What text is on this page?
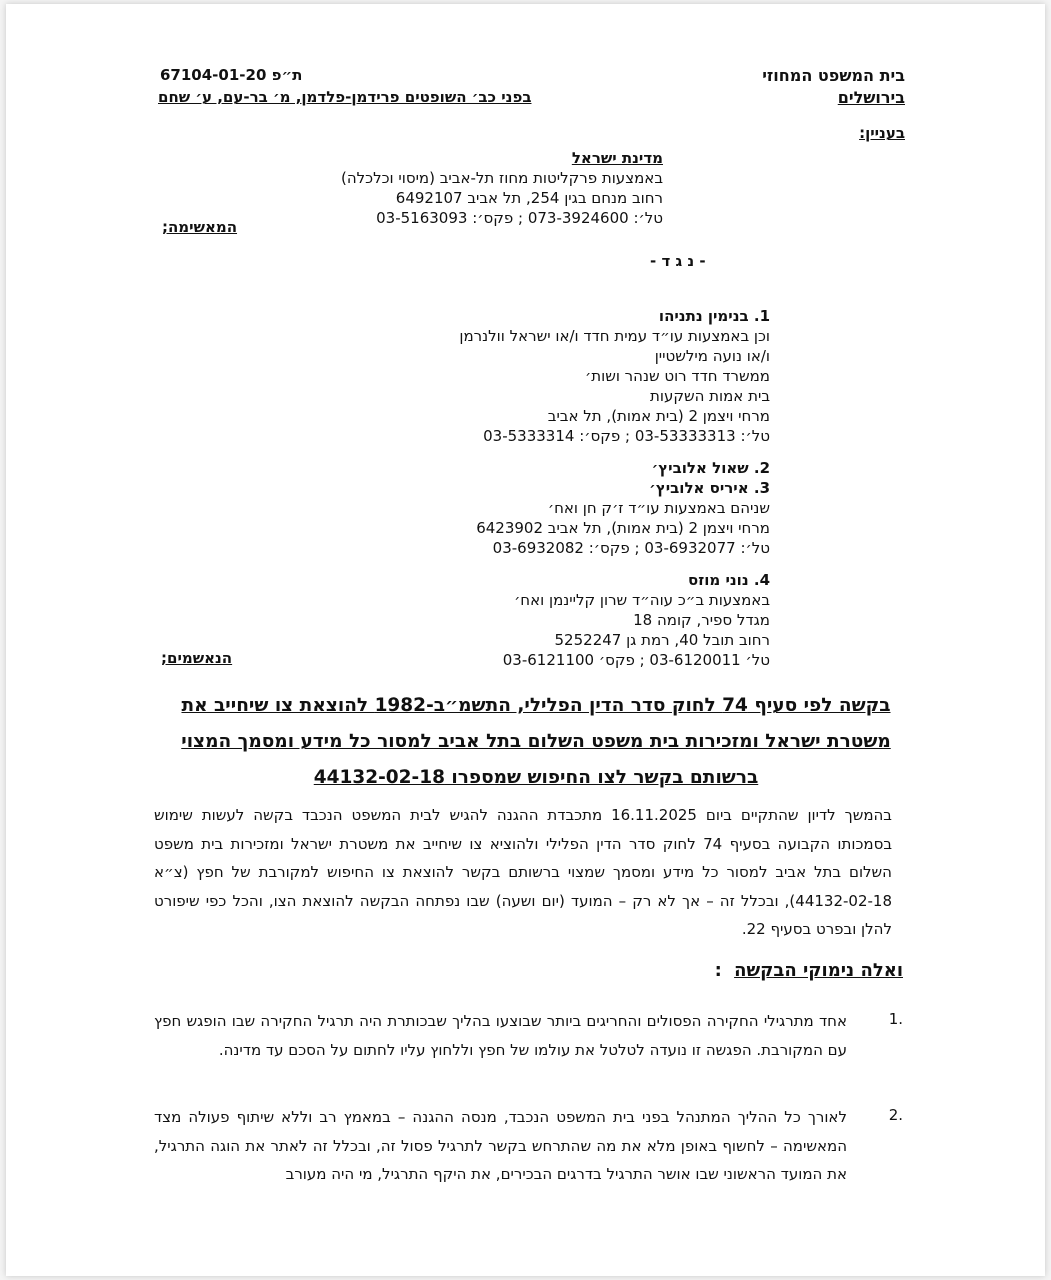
בית המשפט המחוזי
בירושלים
ת״פ 67104-01-20
בפני כב׳ השופטים פרידמן-פלדמן, מ׳ בר-עם, ע׳ שחם
בעניין:
מדינת ישראל
באמצעות פרקליטות מחוז תל-אביב (מיסוי וכלכלה)
רחוב מנחם בגין 254, תל אביב 6492107
טל׳: 073-3924600 ; פקס׳: 03-5163093
המאשימה;
- נ ג ד -
1. בנימין נתניהו
וכן באמצעות עו״ד עמית חדד ו/או ישראל וולנרמן
ו/או נועה מילשטיין
ממשרד חדד רוט שנהר ושות׳
בית אמות השקעות
מרחי ויצמן 2 (בית אמות), תל אביב
טל׳: 03-53333313 ; פקס׳: 03-5333314
2. שאול אלוביץ׳
3. איריס אלוביץ׳
שניהם באמצעות עו״ד ז׳ק חן ואח׳
מרחי ויצמן 2 (בית אמות), תל אביב 6423902
טל׳: 03-6932077 ; פקס׳: 03-6932082
4. נוני מוזס
באמצעות ב״כ עוה״ד שרון קליינמן ואח׳
מגדל ספיר, קומה 18
רחוב תובל 40, רמת גן 5252247
טל׳ 03-6120011 ; פקס׳ 03-6121100
הנאשמים;
בקשה לפי סעיף 74 לחוק סדר הדין הפלילי, התשמ״ב-1982 להוצאת צו שיחייב את
משטרת ישראל ומזכירות בית משפט השלום בתל אביב למסור כל מידע ומסמך המצוי
ברשותם בקשר לצו החיפוש שמספרו 44132-02-18
בהמשך לדיון שהתקיים ביום 16.11.2025 מתכבדת ההגנה להגיש לבית המשפט הנכבד בקשה לעשות שימוש בסמכותו הקבועה בסעיף 74 לחוק סדר הדין הפלילי ולהוציא צו שיחייב את משטרת ישראל ומזכירות בית משפט השלום בתל אביב למסור כל מידע ומסמך שמצוי ברשותם בקשר להוצאת צו החיפוש למקורבת של חפץ (צ״א 44132-02-18), ובכלל זה – אך לא רק – המועד (יום ושעה) שבו נפתחה הבקשה להוצאת הצו, והכל כפי שיפורט להלן ובפרט בסעיף 22.
ואלה נימוקי הבקשה :
1.
אחד מתרגילי החקירה הפסולים והחריגים ביותר שבוצעו בהליך שבכותרת היה תרגיל החקירה שבו הופגש חפץ עם המקורבת. הפגשה זו נועדה לטלטל את עולמו של חפץ וללחוץ עליו לחתום על הסכם עד מדינה.
2.
לאורך כל ההליך המתנהל בפני בית המשפט הנכבד, מנסה ההגנה – במאמץ רב וללא שיתוף פעולה מצד המאשימה – לחשוף באופן מלא את מה שהתרחש בקשר לתרגיל פסול זה, ובכלל זה לאתר את הוגה התרגיל, את המועד הראשוני שבו אושר התרגיל בדרגים הבכירים, את היקף התרגיל, מי היה מעורב
